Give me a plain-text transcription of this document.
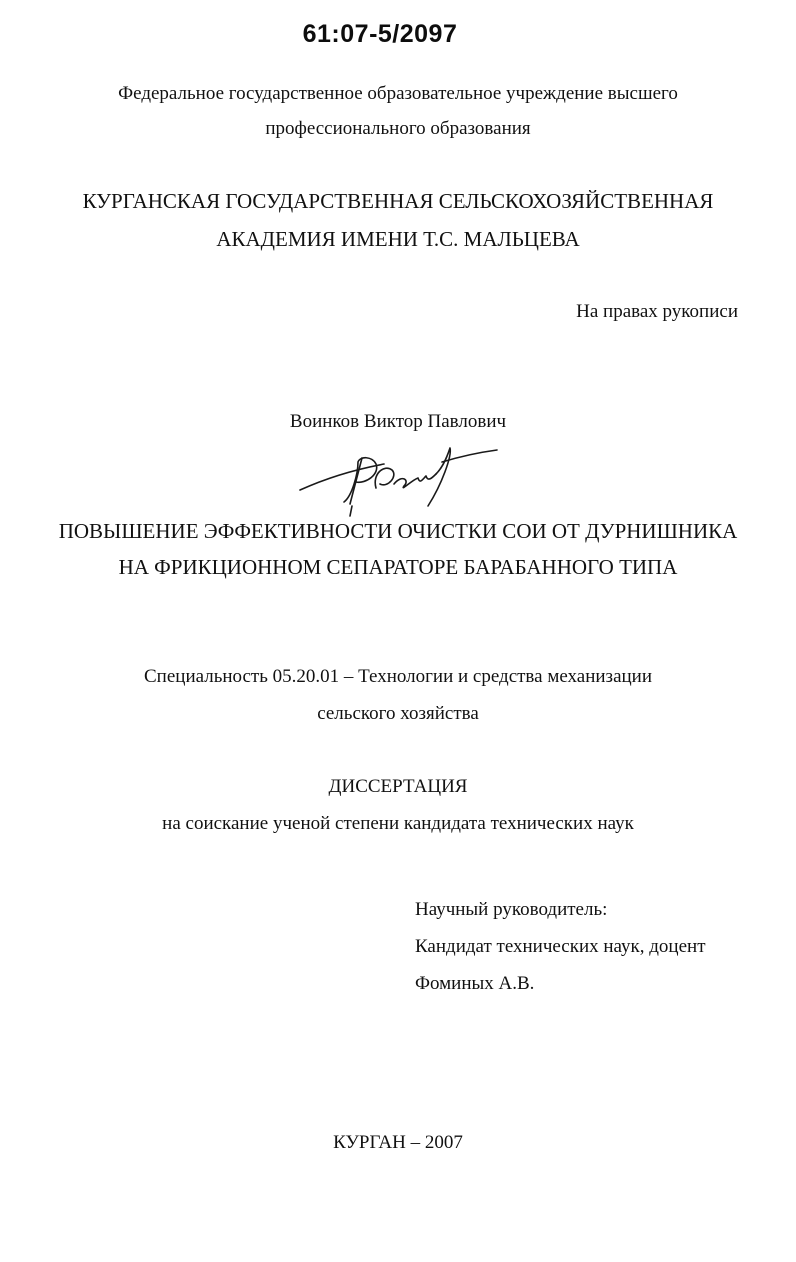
61:07-5/2097
Федеральное государственное образовательное учреждение высшего
профессионального образования
КУРГАНСКАЯ ГОСУДАРСТВЕННАЯ СЕЛЬСКОХОЗЯЙСТВЕННАЯ
АКАДЕМИЯ ИМЕНИ Т.С. МАЛЬЦЕВА
На правах рукописи
Воинков Виктор Павлович
ПОВЫШЕНИЕ ЭФФЕКТИВНОСТИ ОЧИСТКИ СОИ ОТ ДУРНИШНИКА
НА ФРИКЦИОННОМ СЕПАРАТОРЕ БАРАБАННОГО ТИПА
Специальность 05.20.01 – Технологии и средства механизации
сельского хозяйства
ДИССЕРТАЦИЯ
на соискание ученой степени кандидата технических наук
Научный руководитель:
Кандидат технических наук, доцент
Фоминых А.В.
КУРГАН – 2007
